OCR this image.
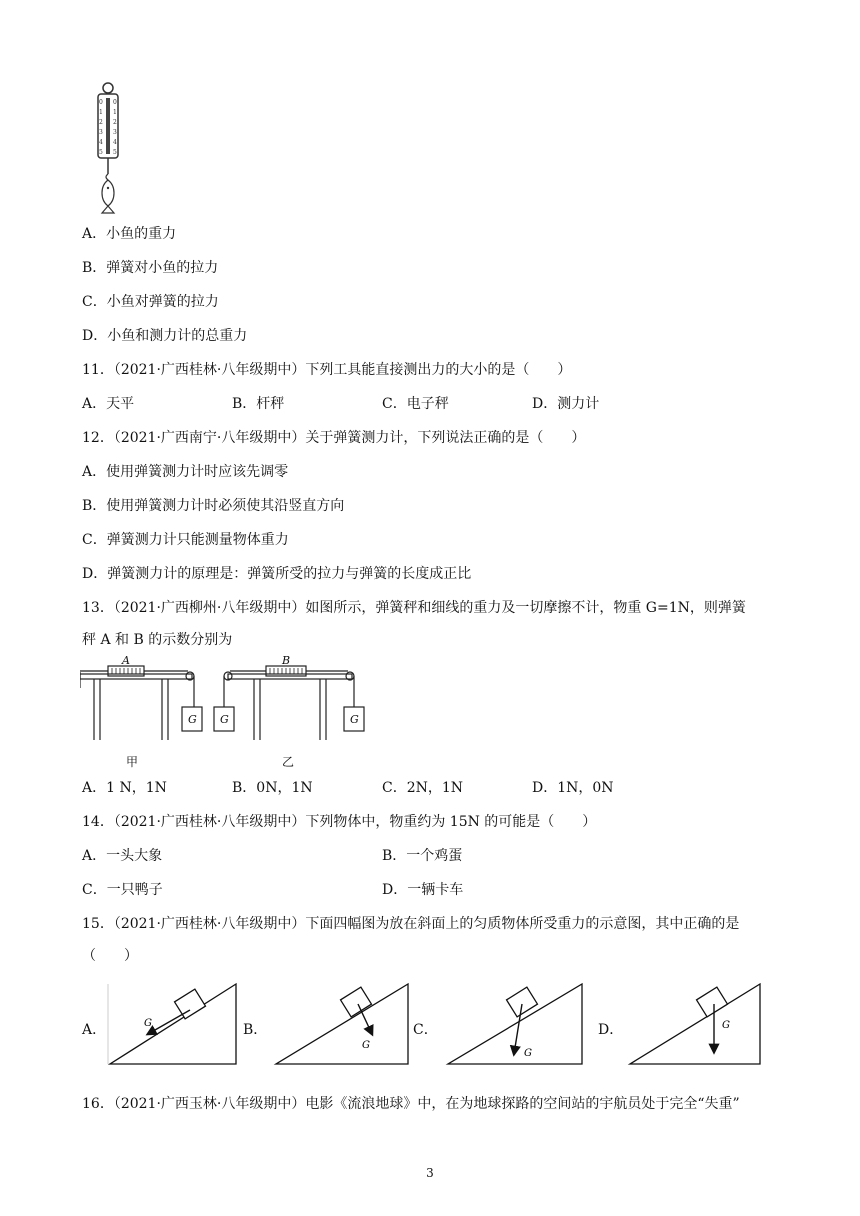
0
1
2
3
4
5
0
1
2
3
4
5
A．小鱼的重力
B．弹簧对小鱼的拉力
C．小鱼对弹簧的拉力
D．小鱼和测力计的总重力
11．（2021·广西桂林·八年级期中）下列工具能直接测出力的大小的是（　　）
A．天平	B．杆秤	C．电子秤	D．测力计
12．（2021·广西南宁·八年级期中）关于弹簧测力计，下列说法正确的是（　　）
A．使用弹簧测力计时应该先调零
B．使用弹簧测力计时必须使其沿竖直方向
C．弹簧测力计只能测量物体重力
D．弹簧测力计的原理是：弹簧所受的拉力与弹簧的长度成正比
13．（2021·广西柳州·八年级期中）如图所示，弹簧秤和细线的重力及一切摩擦不计，物重 G=1N，则弹簧
秤 A 和 B 的示数分别为
A	B
G G	G
甲	乙
A．1 N，1N	B．0N，1N	C．2N，1N	D．1N，0N
14．（2021·广西桂林·八年级期中）下列物体中，物重约为 15N 的可能是（　　）
A．一头大象	B．一个鸡蛋
C．一只鸭子	D．一辆卡车
15．（2021·广西桂林·八年级期中）下面四幅图为放在斜面上的匀质物体所受重力的示意图，其中正确的是
（　　）
A．	B．	C．	D．
G
G
G
G
16．（2021·广西玉林·八年级期中）电影《流浪地球》中，在为地球探路的空间站的宇航员处于完全“失重”
3
